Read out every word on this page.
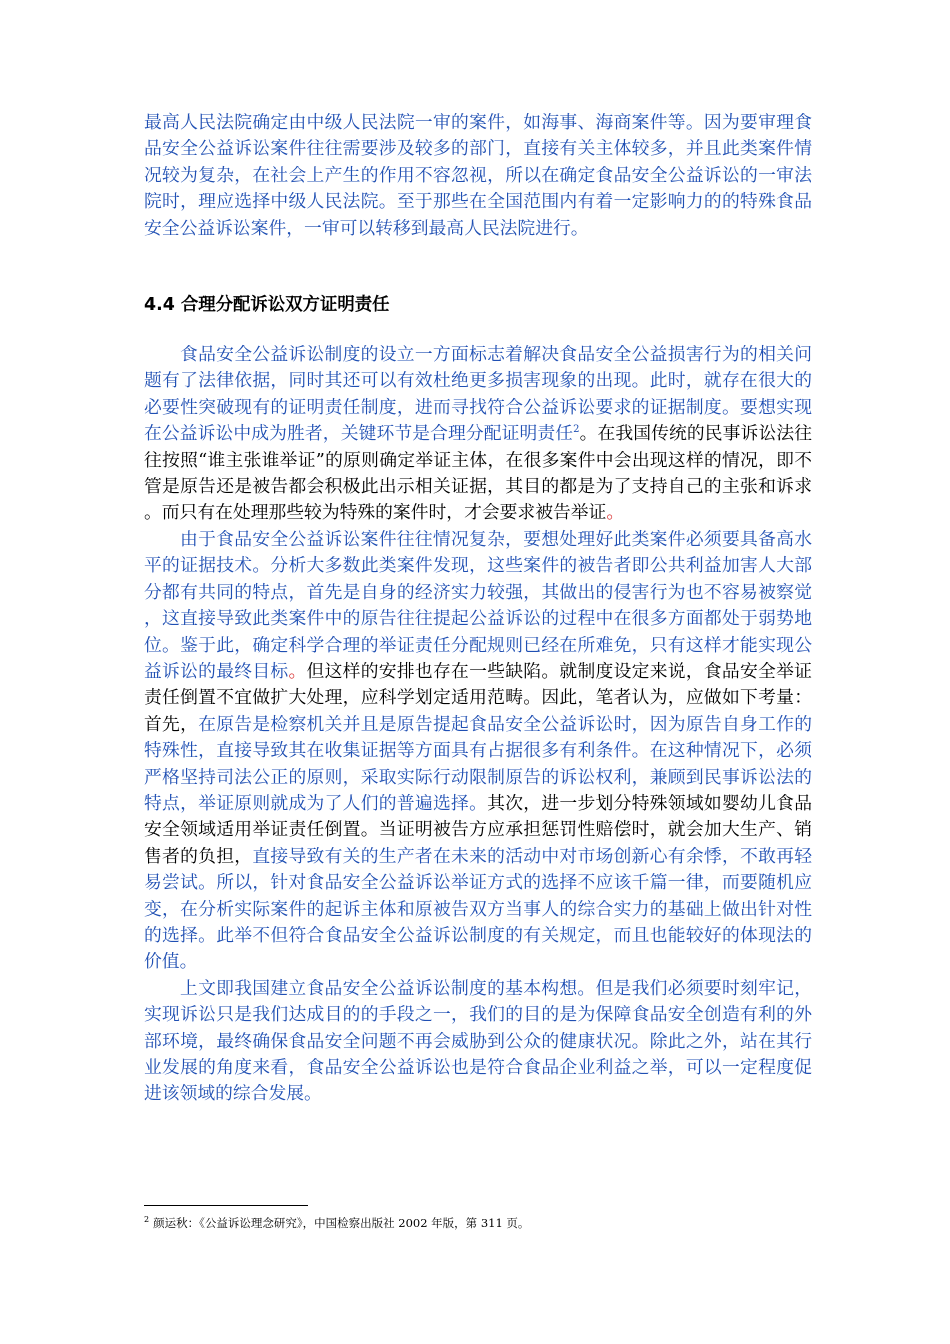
最高人民法院确定由中级人民法院一审的案件，如海事、海商案件等。因为要审理食品安全公益诉讼案件往往需要涉及较多的部门，直接有关主体较多，并且此类案件情况较为复杂，在社会上产生的作用不容忽视，所以在确定食品安全公益诉讼的一审法院时，理应选择中级人民法院。至于那些在全国范围内有着一定影响力的的特殊食品安全公益诉讼案件，一审可以转移到最高人民法院进行。

4.4 合理分配诉讼双方证明责任

食品安全公益诉讼制度的设立一方面标志着解决食品安全公益损害行为的相关问题有了法律依据，同时其还可以有效杜绝更多损害现象的出现。此时，就存在很大的必要性突破现有的证明责任制度，进而寻找符合公益诉讼要求的证据制度。要想实现在公益诉讼中成为胜者，关键环节是合理分配证明责任$^2$。在我国传统的民事诉讼法往往按照“谁主张谁举证”的原则确定举证主体，在很多案件中会出现这样的情况，即不管是原告还是被告都会积极此出示相关证据，其目的都是为了支持自己的主张和诉求。而只有在处理那些较为特殊的案件时，才会要求被告举证。

由于食品安全公益诉讼案件往往情况复杂，要想处理好此类案件必须要具备高水平的证据技术。分析大多数此类案件发现，这些案件的被告者即公共利益加害人大部分都有共同的特点，首先是自身的经济实力较强，其做出的侵害行为也不容易被察觉，这直接导致此类案件中的原告往往提起公益诉讼的过程中在很多方面都处于弱势地位。鉴于此，确定科学合理的举证责任分配规则已经在所难免，只有这样才能实现公益诉讼的最终目标。但这样的安排也存在一些缺陷。就制度设定来说，食品安全举证责任倒置不宜做扩大处理，应科学划定适用范畴。因此，笔者认为，应做如下考量：首先，在原告是检察机关并且是原告提起食品安全公益诉讼时，因为原告自身工作的特殊性，直接导致其在收集证据等方面具有占据很多有利条件。在这种情况下，必须严格坚持司法公正的原则，采取实际行动限制原告的诉讼权利，兼顾到民事诉讼法的特点，举证原则就成为了人们的普遍选择。其次，进一步划分特殊领域如婴幼儿食品安全领域适用举证责任倒置。当证明被告方应承担惩罚性赔偿时，就会加大生产、销售者的负担，直接导致有关的生产者在未来的活动中对市场创新心有余悸，不敢再轻易尝试。所以，针对食品安全公益诉讼举证方式的选择不应该千篇一律，而要随机应变，在分析实际案件的起诉主体和原被告双方当事人的综合实力的基础上做出针对性的选择。此举不但符合食品安全公益诉讼制度的有关规定，而且也能较好的体现法的价值。

上文即我国建立食品安全公益诉讼制度的基本构想。但是我们必须要时刻牢记，实现诉讼只是我们达成目的的手段之一，我们的目的是为保障食品安全创造有利的外部环境，最终确保食品安全问题不再会威胁到公众的健康状况。除此之外，站在其行业发展的角度来看，食品安全公益诉讼也是符合食品企业利益之举，可以一定程度促进该领域的综合发展。

$^2$ 颜运秋：《公益诉讼理念研究》，中国检察出版社 2002 年版，第 311 页。
